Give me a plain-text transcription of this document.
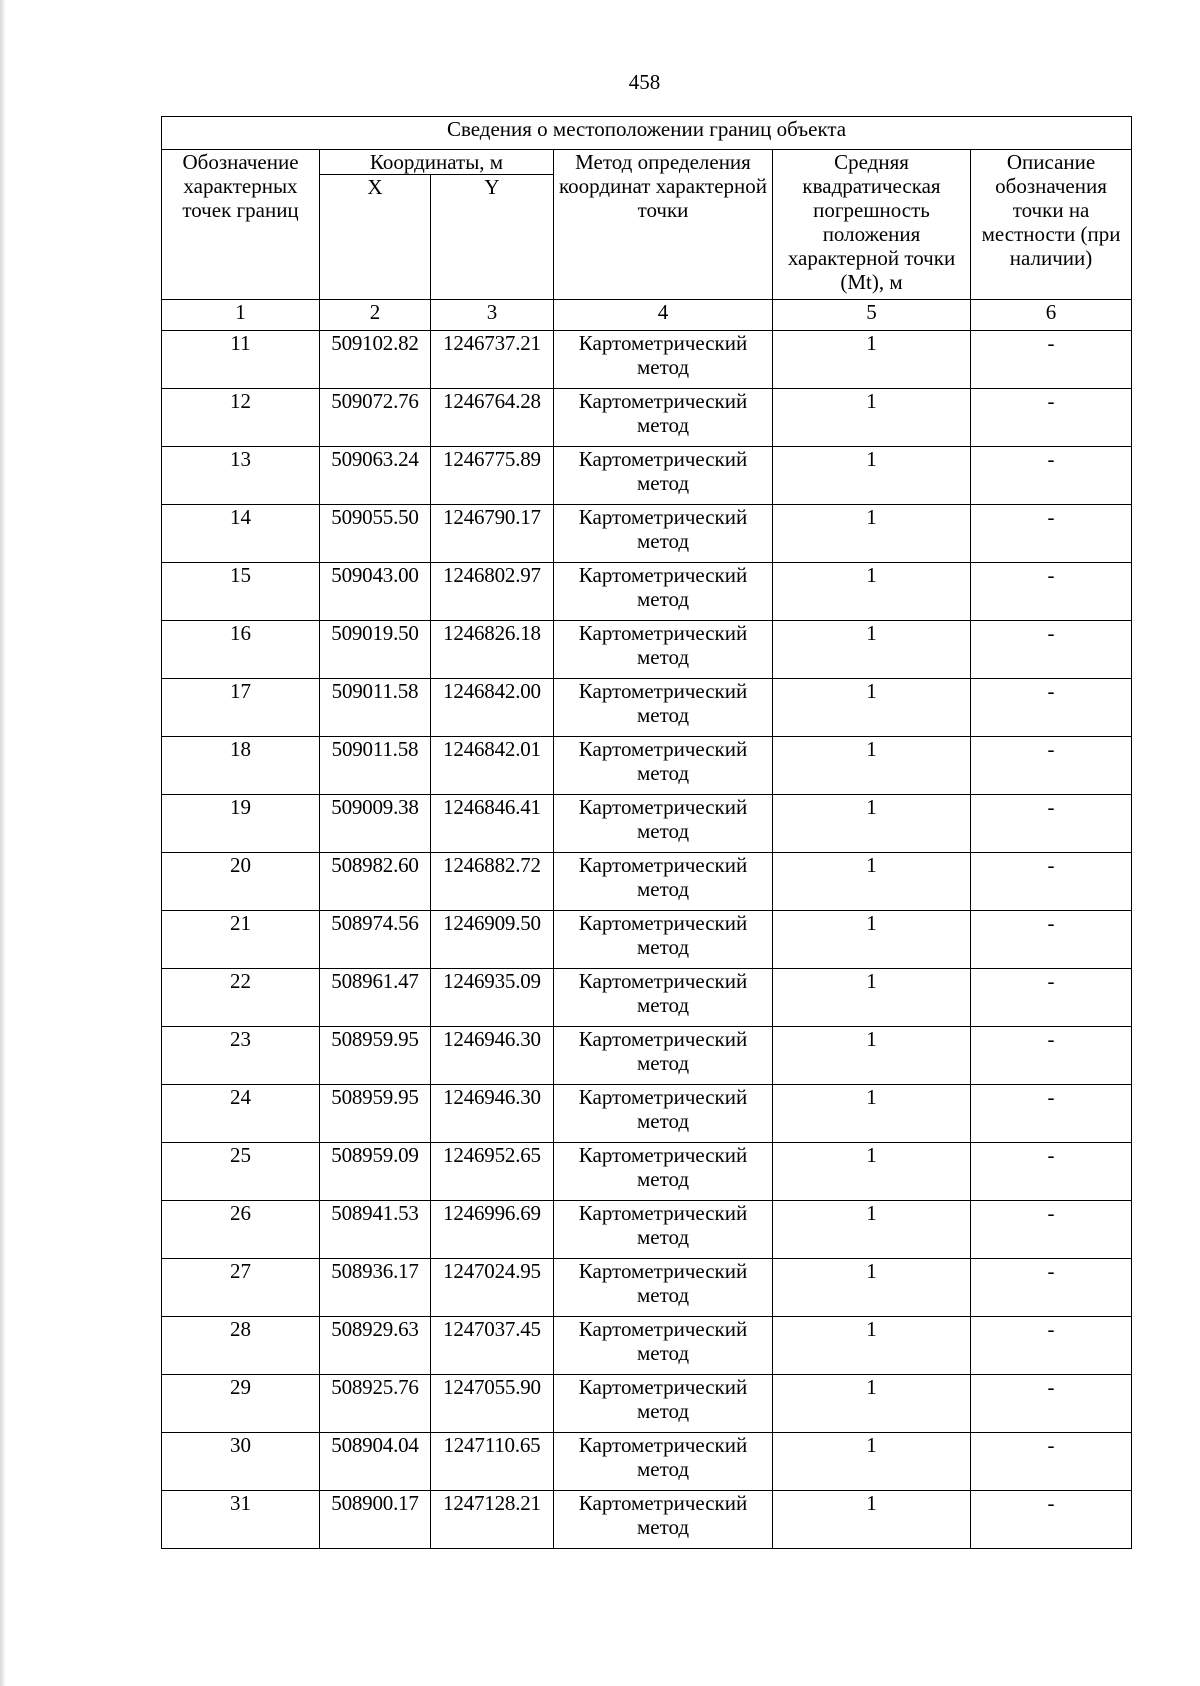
458
Сведения о местоположении границ объекта					
Обозначение характерных точек границ	Координаты, м		Метод определения координат характерной точки	Средняя квадратическая погрешность положения характерной точки (Mt), м	Описание обозначения точки на местности (при наличии)
	X	Y			
1	2	3	4	5	6
11	509102.82	1246737.21	Картометрический метод	1	-
12	509072.76	1246764.28	Картометрический метод	1	-
13	509063.24	1246775.89	Картометрический метод	1	-
14	509055.50	1246790.17	Картометрический метод	1	-
15	509043.00	1246802.97	Картометрический метод	1	-
16	509019.50	1246826.18	Картометрический метод	1	-
17	509011.58	1246842.00	Картометрический метод	1	-
18	509011.58	1246842.01	Картометрический метод	1	-
19	509009.38	1246846.41	Картометрический метод	1	-
20	508982.60	1246882.72	Картометрический метод	1	-
21	508974.56	1246909.50	Картометрический метод	1	-
22	508961.47	1246935.09	Картометрический метод	1	-
23	508959.95	1246946.30	Картометрический метод	1	-
24	508959.95	1246946.30	Картометрический метод	1	-
25	508959.09	1246952.65	Картометрический метод	1	-
26	508941.53	1246996.69	Картометрический метод	1	-
27	508936.17	1247024.95	Картометрический метод	1	-
28	508929.63	1247037.45	Картометрический метод	1	-
29	508925.76	1247055.90	Картометрический метод	1	-
30	508904.04	1247110.65	Картометрический метод	1	-
31	508900.17	1247128.21	Картометрический метод	1	-
